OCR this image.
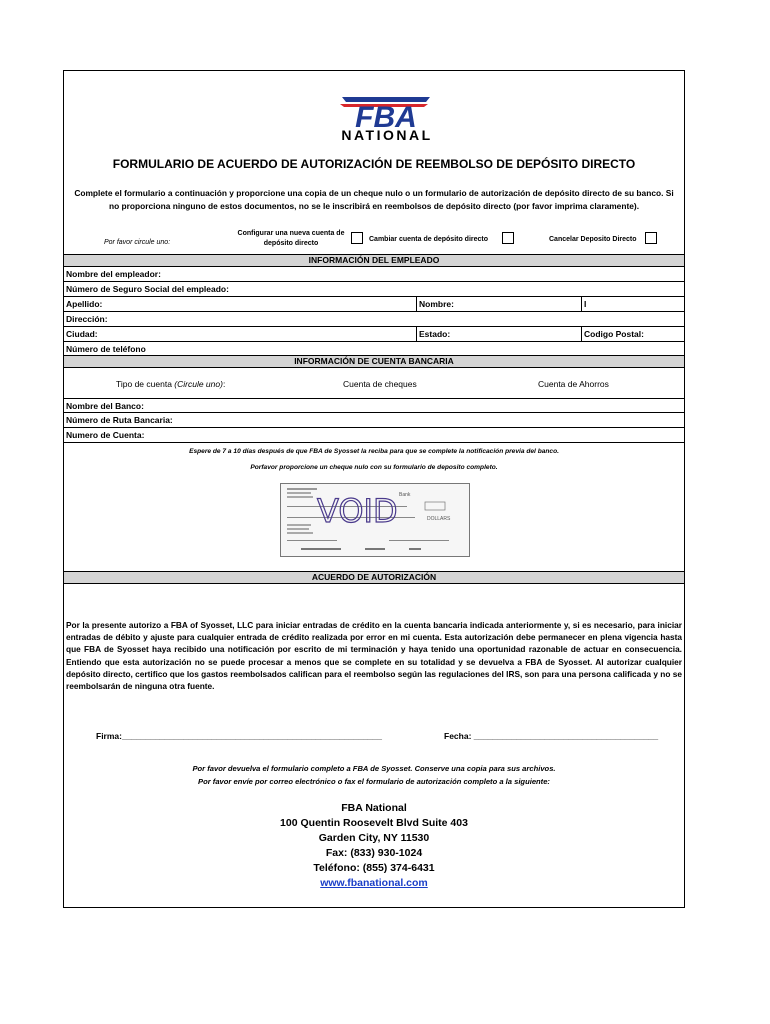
FBA
NATIONAL
FORMULARIO DE ACUERDO DE AUTORIZACIÓN DE REEMBOLSO DE DEPÓSITO DIRECTO
Complete el formulario a continuación y proporcione una copia de un cheque nulo o un formulario de autorización de depósito directo de su banco. Si no proporciona ninguno de estos documentos, no se le inscribirá en reembolsos de depósito directo (por favor imprima claramente).
Por favor circule uno:
Configurar una nueva cuenta de
depósito directo
Cambiar cuenta de depósito directo	Cancelar Deposito Directo
INFORMACIÓN DEL EMPLEADO
Nombre del empleador:
Número de Seguro Social del empleado:
Apellido:	Nombre:	I
Dirección:
Ciudad:	Estado:	Codigo Postal:
Número de teléfono
INFORMACIÓN DE CUENTA BANCARIA
Tipo de cuenta (Circule uno):	Cuenta de cheques	Cuenta de Ahorros
Nombre del Banco:
Número de Ruta Bancaria:
Numero de Cuenta:
Espere de 7 a 10 días después de que FBA de Syosset la reciba para que se complete la notificación previa del banco.
Porfavor proporcione un cheque nulo con su formulario de deposito completo.
Bank
DOLLARS
VOID
ACUERDO DE AUTORIZACIÓN
Por la presente autorizo a FBA of Syosset, LLC para iniciar entradas de crédito en la cuenta bancaria indicada anteriormente y, si es necesario, para iniciar entradas de débito y ajuste para cualquier entrada de crédito realizada por error en mi cuenta. Esta autorización debe permanecer en plena vigencia hasta que FBA de Syosset haya recibido una notificación por escrito de mi terminación y haya tenido una oportunidad razonable de actuar en consecuencia. Entiendo que esta autorización no se puede procesar a menos que se complete en su totalidad y se devuelva a FBA de Syosset. Al autorizar cualquier depósito directo, certifico que los gastos reembolsados califican para el reembolso según las regulaciones del IRS, son para una persona calificada y no se reembolsarán de ninguna otra fuente.
Firma:_______________________________________________________	Fecha: _______________________________________
Por favor devuelva el formulario completo a FBA de Syosset. Conserve una copia para sus archivos.
Por favor envíe por correo electrónico o fax el formulario de autorización completo a la siguiente:
FBA National
100 Quentin Roosevelt Blvd Suite 403
Garden City, NY 11530
Fax: (833) 930-1024
Teléfono: (855) 374-6431
www.fbanational.com
